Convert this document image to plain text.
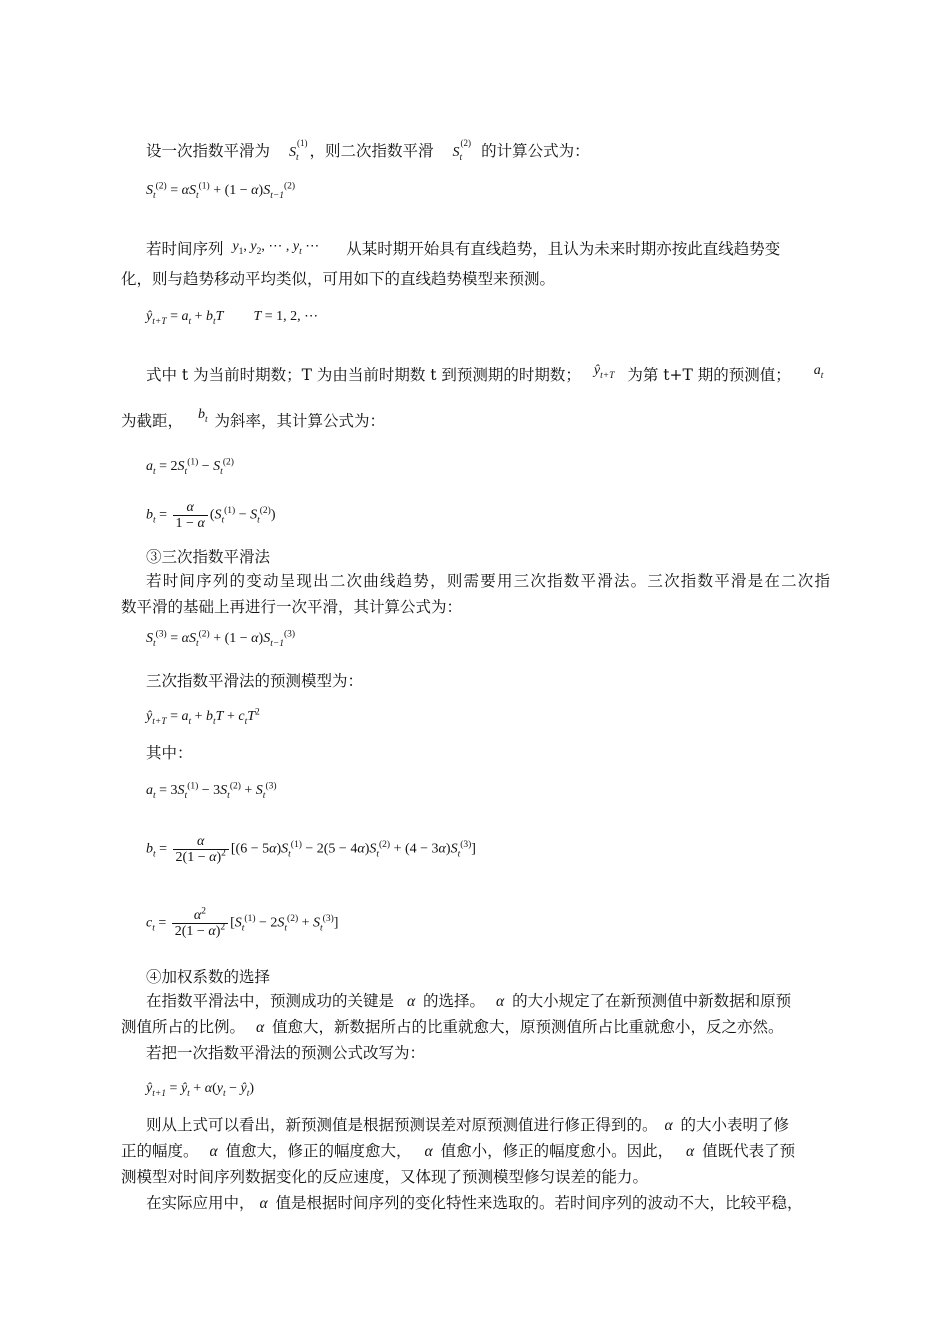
设一次指数平滑为 $S_t$
(1) ，则二次指数平滑 $S_t$
(2) 的计算公式为：
$S_t^{(2)} = \alpha S_t^{(1)} + (1 - \alpha)S_{t-1}^{(2)}$
若时间序列 $y_1$, $y_2$, ⋯ , $y_t$ ⋯ 从某时期开始具有直线趋势，且认为未来时期亦按此直线趋势变
化，则与趋势移动平均类似，可用如下的直线趋势模型来预测。
$ŷ_{t+T} = a_t + b_tT$ T = 1, 2, ⋯
式中 t 为当前时期数；T 为由当前时期数 t 到预测期的时期数； $ŷ_{t+T}$ 为第 t+T 期的预测值； $a_t$
为截距， $b_t$ 为斜率，其计算公式为：
$a_t = 2S_t^{(1)} - S_t^{(2)}$
$b_t = \frac{\alpha}{1 - \alpha} (S_t^{(1)} - S_t^{(2)})$
③三次指数平滑法
若时间序列的变动呈现出二次曲线趋势，则需要用三次指数平滑法。三次指数平滑是在二次指
数平滑的基础上再进行一次平滑，其计算公式为：
$S_t^{(3)} = \alpha S_t^{(2)} + (1 - \alpha)S_{t-1}^{(3)}$
三次指数平滑法的预测模型为：
$ŷ_{t+T} = a_t + b_tT + c_tT^2$
其中：
$a_t = 3S_t^{(1)} - 3S_t^{(2)} + S_t^{(3)}$
$b_t = \frac{\alpha}{2(1 - \alpha)^2} [(6 - 5\alpha)S_t^{(1)} - 2(5 - 4\alpha)S_t^{(2)} + (4 - 3\alpha)S_t^{(3)}]$
$c_t = \frac{\alpha^2}{2(1 - \alpha)^2} [S_t^{(1)} - 2S_t^{(2)} + S_t^{(3)}]$
④加权系数的选择
在指数平滑法中，预测成功的关键是 α 的选择。 α 的大小规定了在新预测值中新数据和原预
测值所占的比例。 α 值愈大，新数据所占的比重就愈大，原预测值所占比重就愈小，反之亦然。
若把一次指数平滑法的预测公式改写为：
$ŷ_{t+1}$ = $ŷ_t + \alpha(y_t$ − $ŷ_t$)
则从上式可以看出，新预测值是根据预测误差对原预测值进行修正得到的。 α 的大小表明了修
正的幅度。 α 值愈大，修正的幅度愈大， α 值愈小，修正的幅度愈小。因此， α 值既代表了预
测模型对时间序列数据变化的反应速度，又体现了预测模型修匀误差的能力。
在实际应用中， α 值是根据时间序列的变化特性来选取的。若时间序列的波动不大，比较平稳，
